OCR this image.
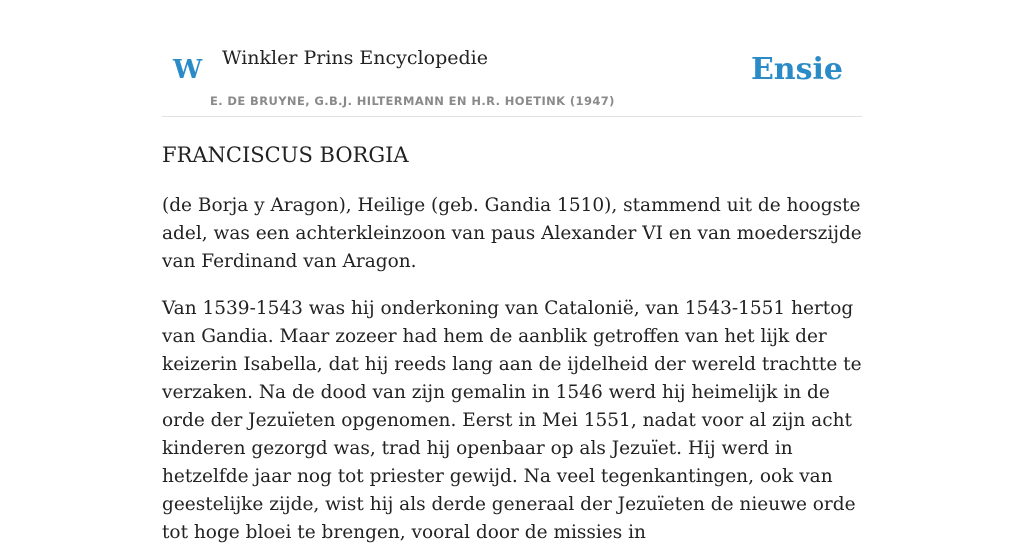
W Winkler Prins Encyclopedie
E. DE BRUYNE, G.B.J. HILTERMANN EN H.R. HOETINK (1947)
Ensie
FRANCISCUS BORGIA

(de Borja y Aragon), Heilige (geb. Gandia 1510), stammend uit de hoogste adel, was een achterkleinzoon van paus Alexander VI en van moederszijde van Ferdinand van Aragon.

Van 1539-1543 was hij onderkoning van Catalonië, van 1543-1551 hertog van Gandia. Maar zozeer had hem de aanblik getroffen van het lijk der keizerin Isabella, dat hij reeds lang aan de ijdelheid der wereld trachtte te verzaken. Na de dood van zijn gemalin in 1546 werd hij heimelijk in de orde der Jezuïeten opgenomen. Eerst in Mei 1551, nadat voor al zijn acht kinderen gezorgd was, trad hij openbaar op als Jezuïet. Hij werd in hetzelfde jaar nog tot priester gewijd. Na veel tegenkantingen, ook van geestelijke zijde, wist hij als derde generaal der Jezuïeten de nieuwe orde tot hoge bloei te brengen, vooral door de missies in
